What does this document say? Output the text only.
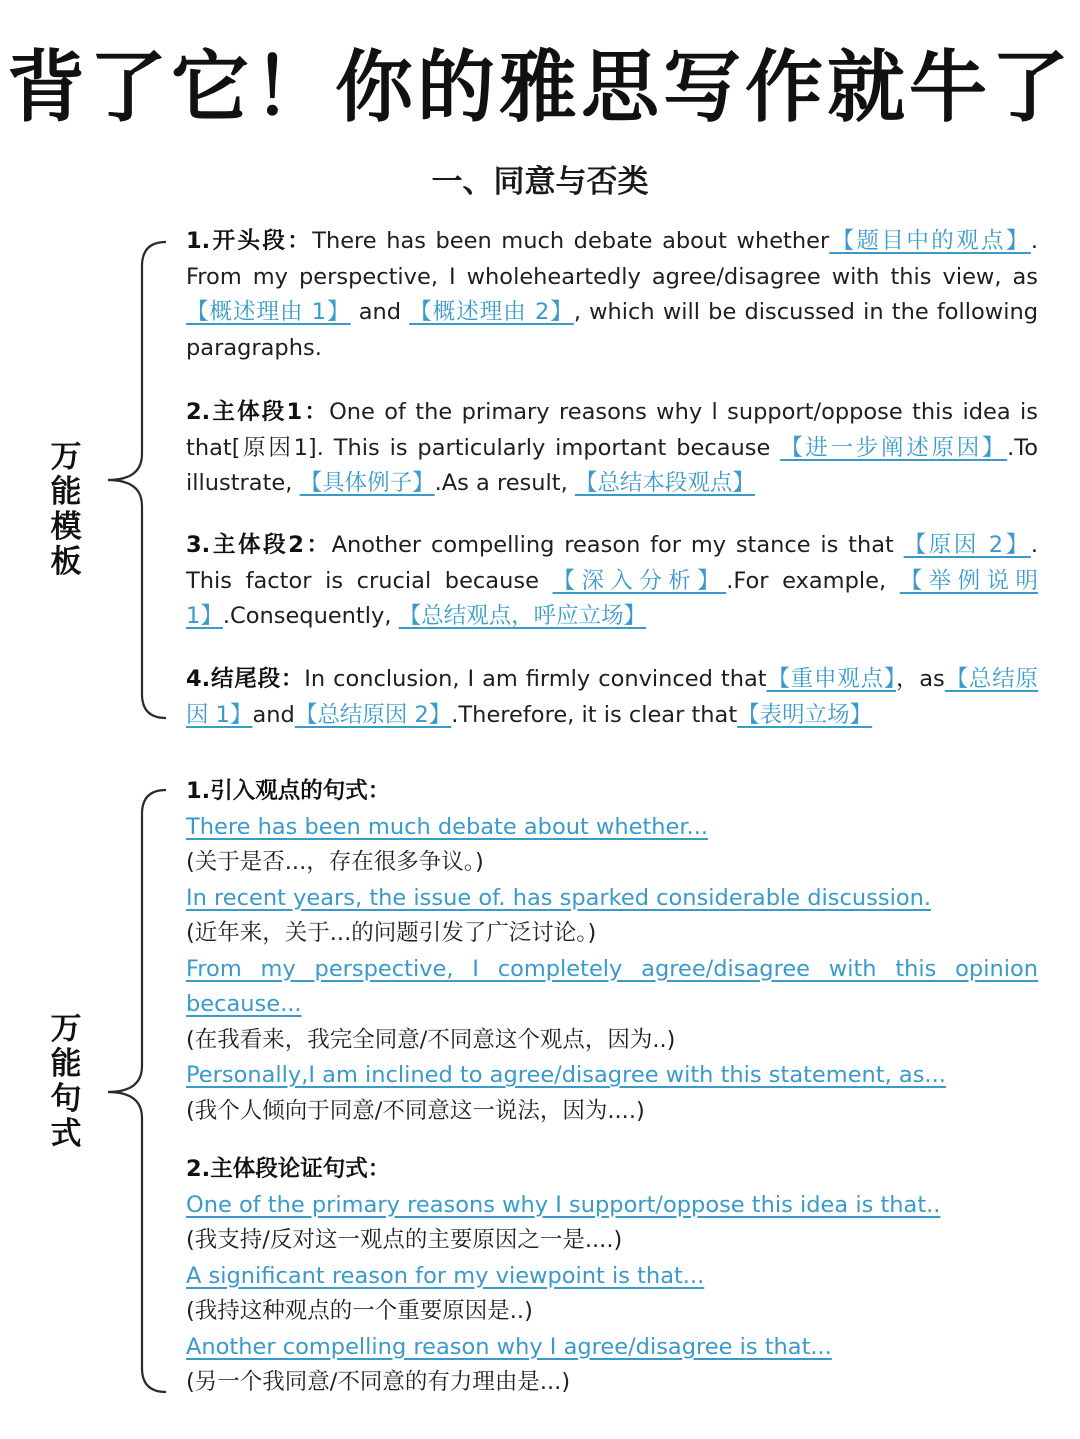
背了它！你的雅思写作就牛了
一、同意与否类
万
能
模
板
万
能
句
式

1.开头段：There has been much debate about whether【题目中的观点】. From my perspective, I wholeheartedly agree/disagree with this view, as 【概述理由 1】 and 【概述理由 2】, which will be discussed in the following paragraphs.

2.主体段1：One of the primary reasons why l support/oppose this idea is that[原因1]. This is particularly important because 【进一步阐述原因】.To illustrate, 【具体例子】.As a result, 【总结本段观点】

3.主体段2：Another compelling reason for my stance is that 【原因 2】. This factor is crucial because 【深入分析】.For example, 【举例说明 1】.Consequently, 【总结观点，呼应立场】

4.结尾段：In conclusion, I am firmly convinced that【重申观点】，as【总结原因 1】and【总结原因 2】.Therefore, it is clear that【表明立场】

1.引入观点的句式：
There has been much debate about whether...
(关于是否...，存在很多争议。)
In recent years, the issue of. has sparked considerable discussion.
(近年来，关于...的问题引发了广泛讨论。)
From my perspective, I completely agree/disagree with this opinion because...
(在我看来，我完全同意/不同意这个观点，因为..)
Personally,I am inclined to agree/disagree with this statement, as...
(我个人倾向于同意/不同意这一说法，因为....)
2.主体段论证句式：
One of the primary reasons why I support/oppose this idea is that..
(我支持/反对这一观点的主要原因之一是....)
A significant reason for my viewpoint is that...
(我持这种观点的一个重要原因是..)
Another compelling reason why I agree/disagree is that...
(另一个我同意/不同意的有力理由是...)
